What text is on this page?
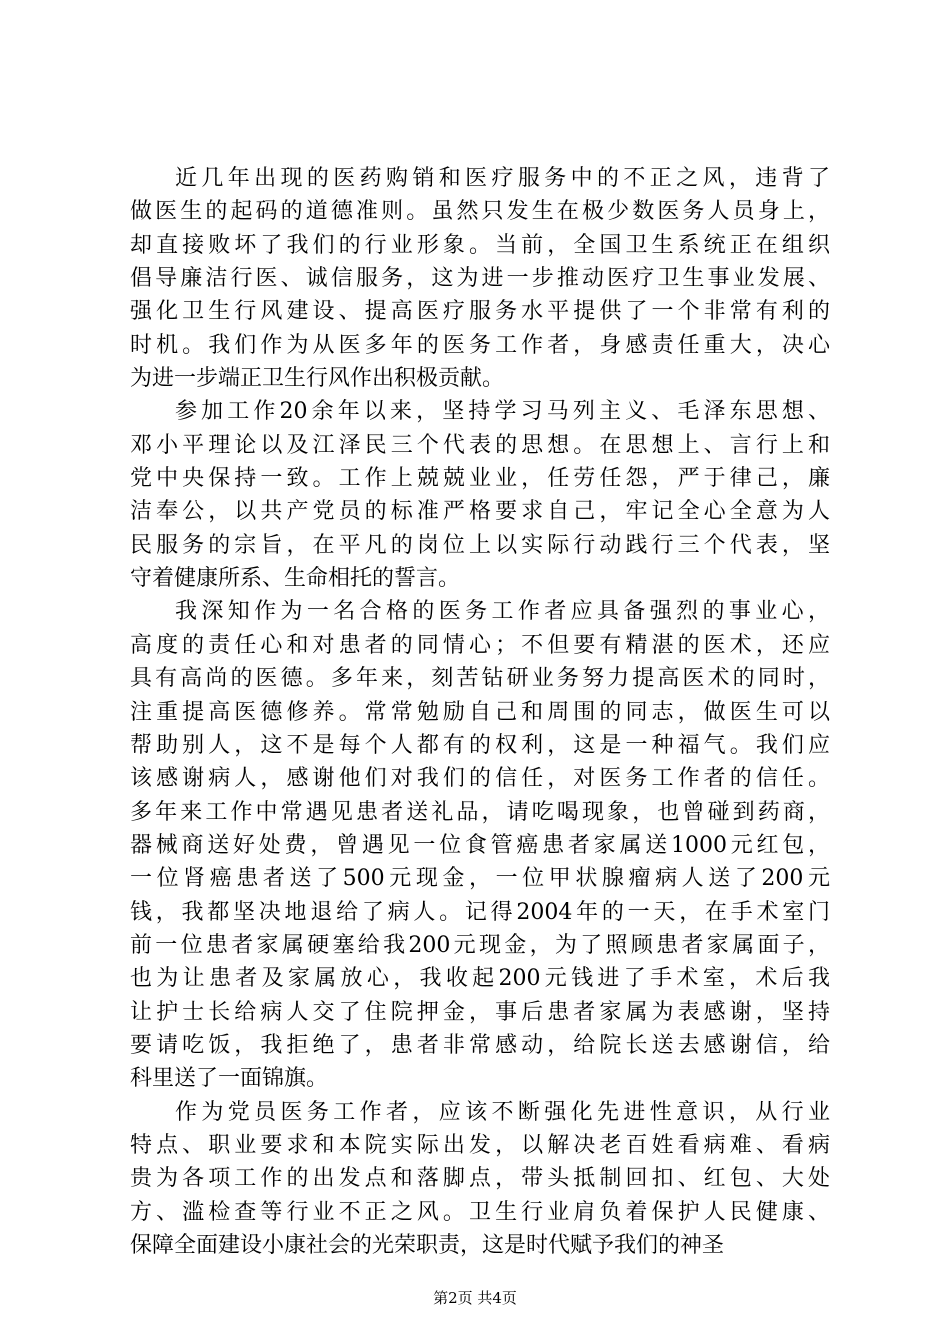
近几年出现的医药购销和医疗服务中的不正之风，违背了
做医生的起码的道德准则。虽然只发生在极少数医务人员身上，
却直接败坏了我们的行业形象。当前，全国卫生系统正在组织
倡导廉洁行医、诚信服务，这为进一步推动医疗卫生事业发展、
强化卫生行风建设、提高医疗服务水平提供了一个非常有利的
时机。我们作为从医多年的医务工作者，身感责任重大，决心
为进一步端正卫生行风作出积极贡献。
参加工作20余年以来，坚持学习马列主义、毛泽东思想、
邓小平理论以及江泽民三个代表的思想。在思想上、言行上和
党中央保持一致。工作上兢兢业业，任劳任怨，严于律己，廉
洁奉公，以共产党员的标准严格要求自己，牢记全心全意为人
民服务的宗旨，在平凡的岗位上以实际行动践行三个代表，坚
守着健康所系、生命相托的誓言。
我深知作为一名合格的医务工作者应具备强烈的事业心，
高度的责任心和对患者的同情心；不但要有精湛的医术，还应
具有高尚的医德。多年来，刻苦钻研业务努力提高医术的同时，
注重提高医德修养。常常勉励自己和周围的同志，做医生可以
帮助别人，这不是每个人都有的权利，这是一种福气。我们应
该感谢病人，感谢他们对我们的信任，对医务工作者的信任。
多年来工作中常遇见患者送礼品，请吃喝现象，也曾碰到药商，
器械商送好处费，曾遇见一位食管癌患者家属送1000元红包，
一位肾癌患者送了500元现金，一位甲状腺瘤病人送了200元
钱，我都坚决地退给了病人。记得2004年的一天，在手术室门
前一位患者家属硬塞给我200元现金，为了照顾患者家属面子，
也为让患者及家属放心，我收起200元钱进了手术室，术后我
让护士长给病人交了住院押金，事后患者家属为表感谢，坚持
要请吃饭，我拒绝了，患者非常感动，给院长送去感谢信，给
科里送了一面锦旗。
作为党员医务工作者，应该不断强化先进性意识，从行业
特点、职业要求和本院实际出发，以解决老百姓看病难、看病
贵为各项工作的出发点和落脚点，带头抵制回扣、红包、大处
方、滥检查等行业不正之风。卫生行业肩负着保护人民健康、
保障全面建设小康社会的光荣职责，这是时代赋予我们的神圣
第2页 共4页
